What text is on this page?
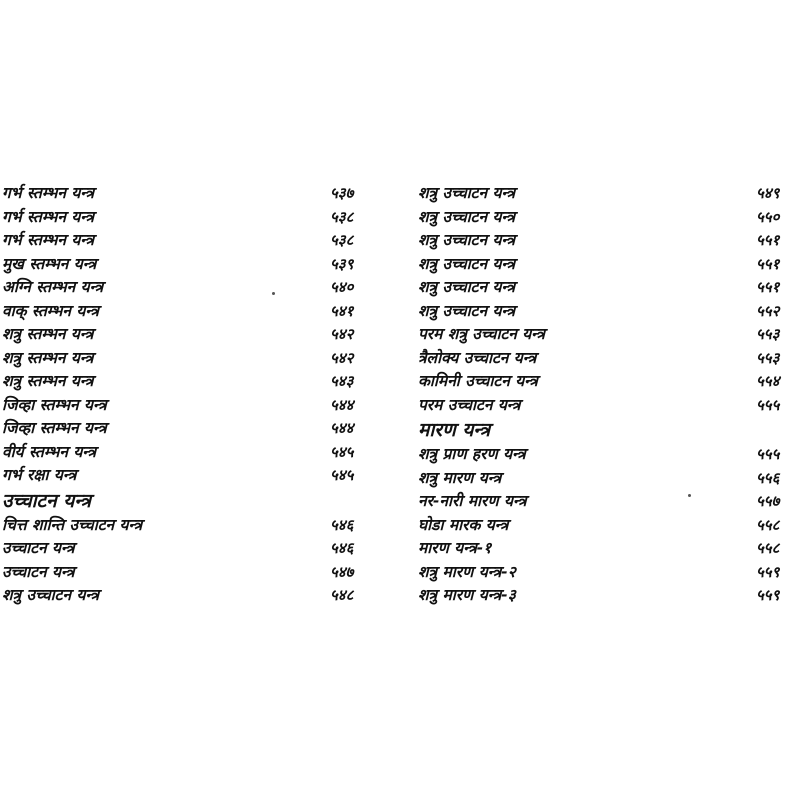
गर्भ स्तम्भन यन्त्र	५३७
गर्भ स्तम्भन यन्त्र	५३८
गर्भ स्तम्भन यन्त्र	५३८
मुख स्तम्भन यन्त्र	५३९
अग्नि स्तम्भन यन्त्र	५४०
वाक् स्तम्भन यन्त्र	५४१
शत्रु स्तम्भन यन्त्र	५४२
शत्रु स्तम्भन यन्त्र	५४२
शत्रु स्तम्भन यन्त्र	५४३
जिव्हा स्तम्भन यन्त्र	५४४
जिव्हा स्तम्भन यन्त्र	५४४
वीर्य स्तम्भन यन्त्र	५४५
गर्भ रक्षा यन्त्र	५४५
उच्चाटन यन्त्र
चित्त शान्ति उच्चाटन यन्त्र	५४६
उच्चाटन यन्त्र	५४६
उच्चाटन यन्त्र	५४७
शत्रु उच्चाटन यन्त्र	५४८
शत्रु उच्चाटन यन्त्र	५४९
शत्रु उच्चाटन यन्त्र	५५०
शत्रु उच्चाटन यन्त्र	५५१
शत्रु उच्चाटन यन्त्र	५५१
शत्रु उच्चाटन यन्त्र	५५१
शत्रु उच्चाटन यन्त्र	५५२
परम शत्रु उच्चाटन यन्त्र	५५३
त्रैलोक्य उच्चाटन यन्त्र	५५३
कामिनी उच्चाटन यन्त्र	५५४
परम उच्चाटन यन्त्र	५५५
मारण यन्त्र
शत्रु प्राण हरण यन्त्र	५५५
शत्रु मारण यन्त्र	५५६
नर-नारी मारण यन्त्र	५५७
घोडा मारक यन्त्र	५५८
मारण यन्त्र-१	५५८
शत्रु मारण यन्त्र-२	५५९
शत्रु मारण यन्त्र-३	५५९
